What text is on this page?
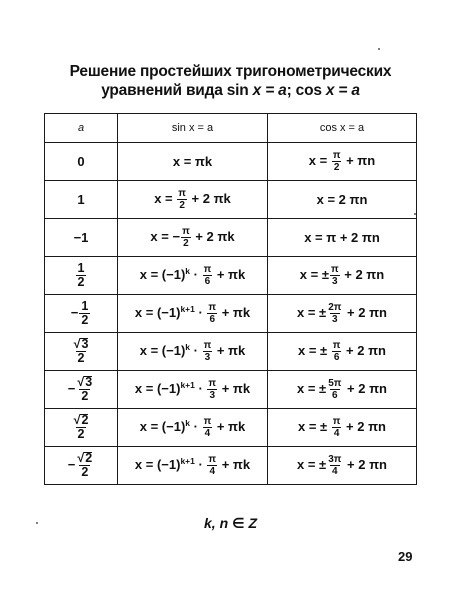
Решение простейших тригонометрических
уравнений вида sin x = a; cos x = a
a	sin x = a	cos x = a
0	x = πk	$x = \frac{\pi}{2} + \pi n$
1	$x = \frac{\pi}{2} + 2$ πk	x = 2 πn
−1	x = − $\frac{\pi}{2} + 2$ πk	x = π + 2 πn

$\frac{1}{2}$	$x = (-1)^k \cdot \frac{\pi}{6} + \pi k$	x = ± $\frac{\pi}{3} + 2$ πn
− $\frac{1}{2}$	$x = (-1)^{k+1} \cdot \frac{\pi}{6} + \pi k$	x = ± $\frac{2\pi}{3} + 2$ πn

$\frac{√ 3}{2}$	$x = (-1)^k \cdot \frac{\pi}{3} + \pi k$	x = ± $\frac{\pi}{6} + 2$ πn
− $\frac{√ 3}{2}$	$x = (-1)^{k+1} \cdot \frac{\pi}{3} + \pi k$	x = ± $\frac{5\pi}{6} + 2$ πn

$\frac{√ 2}{2}$	$x = (-1)^k \cdot \frac{\pi}{4} + \pi k$	x = ± $\frac{\pi}{4} + 2$ πn
− $\frac{√ 2}{2}$	$x = (-1)^{k+1} \cdot \frac{\pi}{4} + \pi k$	x = ± $\frac{3\pi}{4} + 2$ πn
k, n ∈ Z
29
